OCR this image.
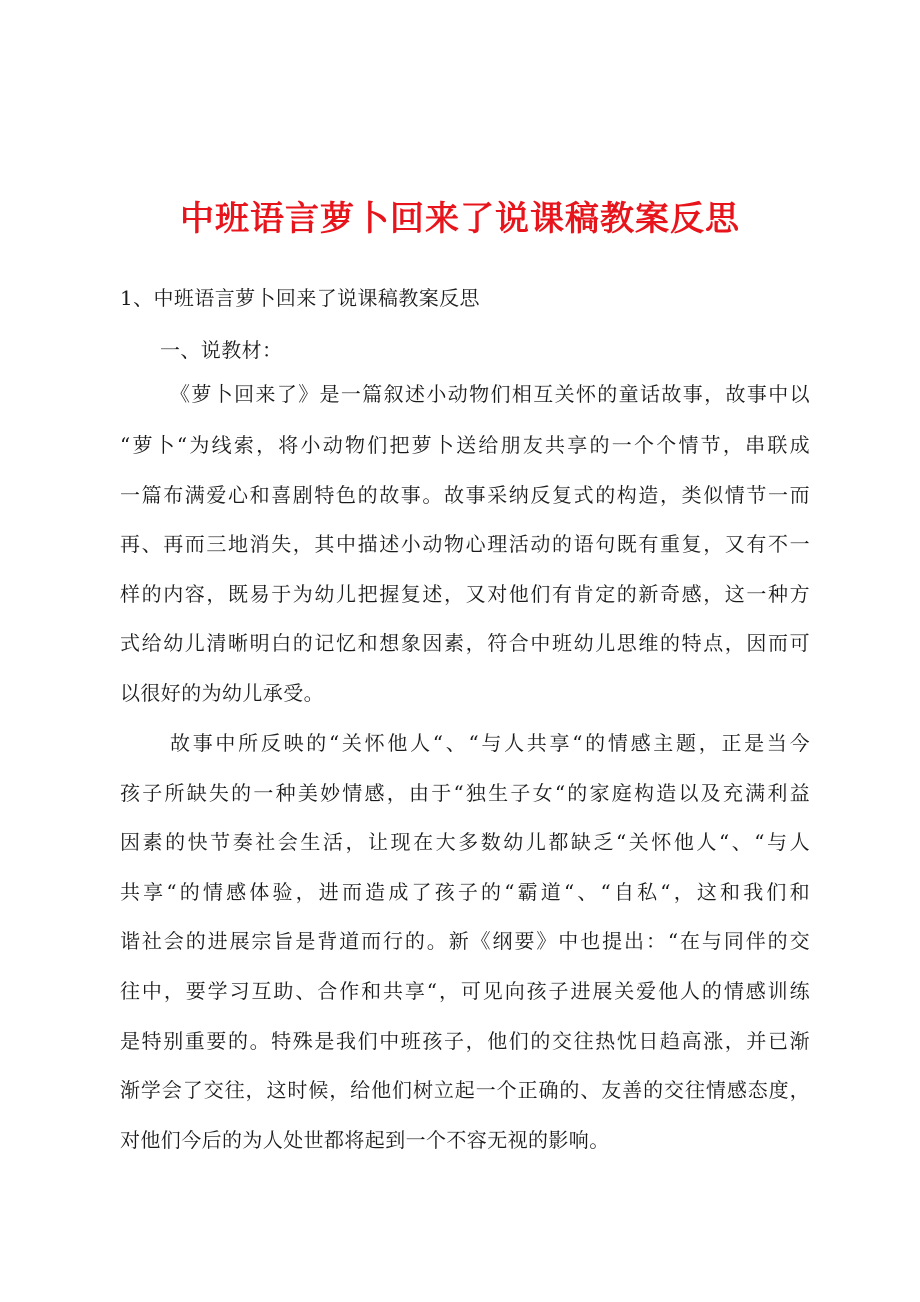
中班语言萝卜回来了说课稿教案反思
1、中班语言萝卜回来了说课稿教案反思
一、说教材：
《萝卜回来了》是一篇叙述小动物们相互关怀的童话故事，故事中以
“萝卜“为线索，将小动物们把萝卜送给朋友共享的一个个情节，串联成
一篇布满爱心和喜剧特色的故事。故事采纳反复式的构造，类似情节一而
再、再而三地消失，其中描述小动物心理活动的语句既有重复，又有不一
样的内容，既易于为幼儿把握复述，又对他们有肯定的新奇感，这一种方
式给幼儿清晰明白的记忆和想象因素，符合中班幼儿思维的特点，因而可
以很好的为幼儿承受。
故事中所反映的“关怀他人“、“与人共享“的情感主题，正是当今
孩子所缺失的一种美妙情感，由于“独生子女“的家庭构造以及充满利益
因素的快节奏社会生活，让现在大多数幼儿都缺乏“关怀他人“、“与人
共享“的情感体验，进而造成了孩子的“霸道“、“自私“，这和我们和
谐社会的进展宗旨是背道而行的。新《纲要》中也提出：“在与同伴的交
往中，要学习互助、合作和共享“，可见向孩子进展关爱他人的情感训练
是特别重要的。特殊是我们中班孩子，他们的交往热忱日趋高涨，并已渐
渐学会了交往，这时候，给他们树立起一个正确的、友善的交往情感态度，
对他们今后的为人处世都将起到一个不容无视的影响。
